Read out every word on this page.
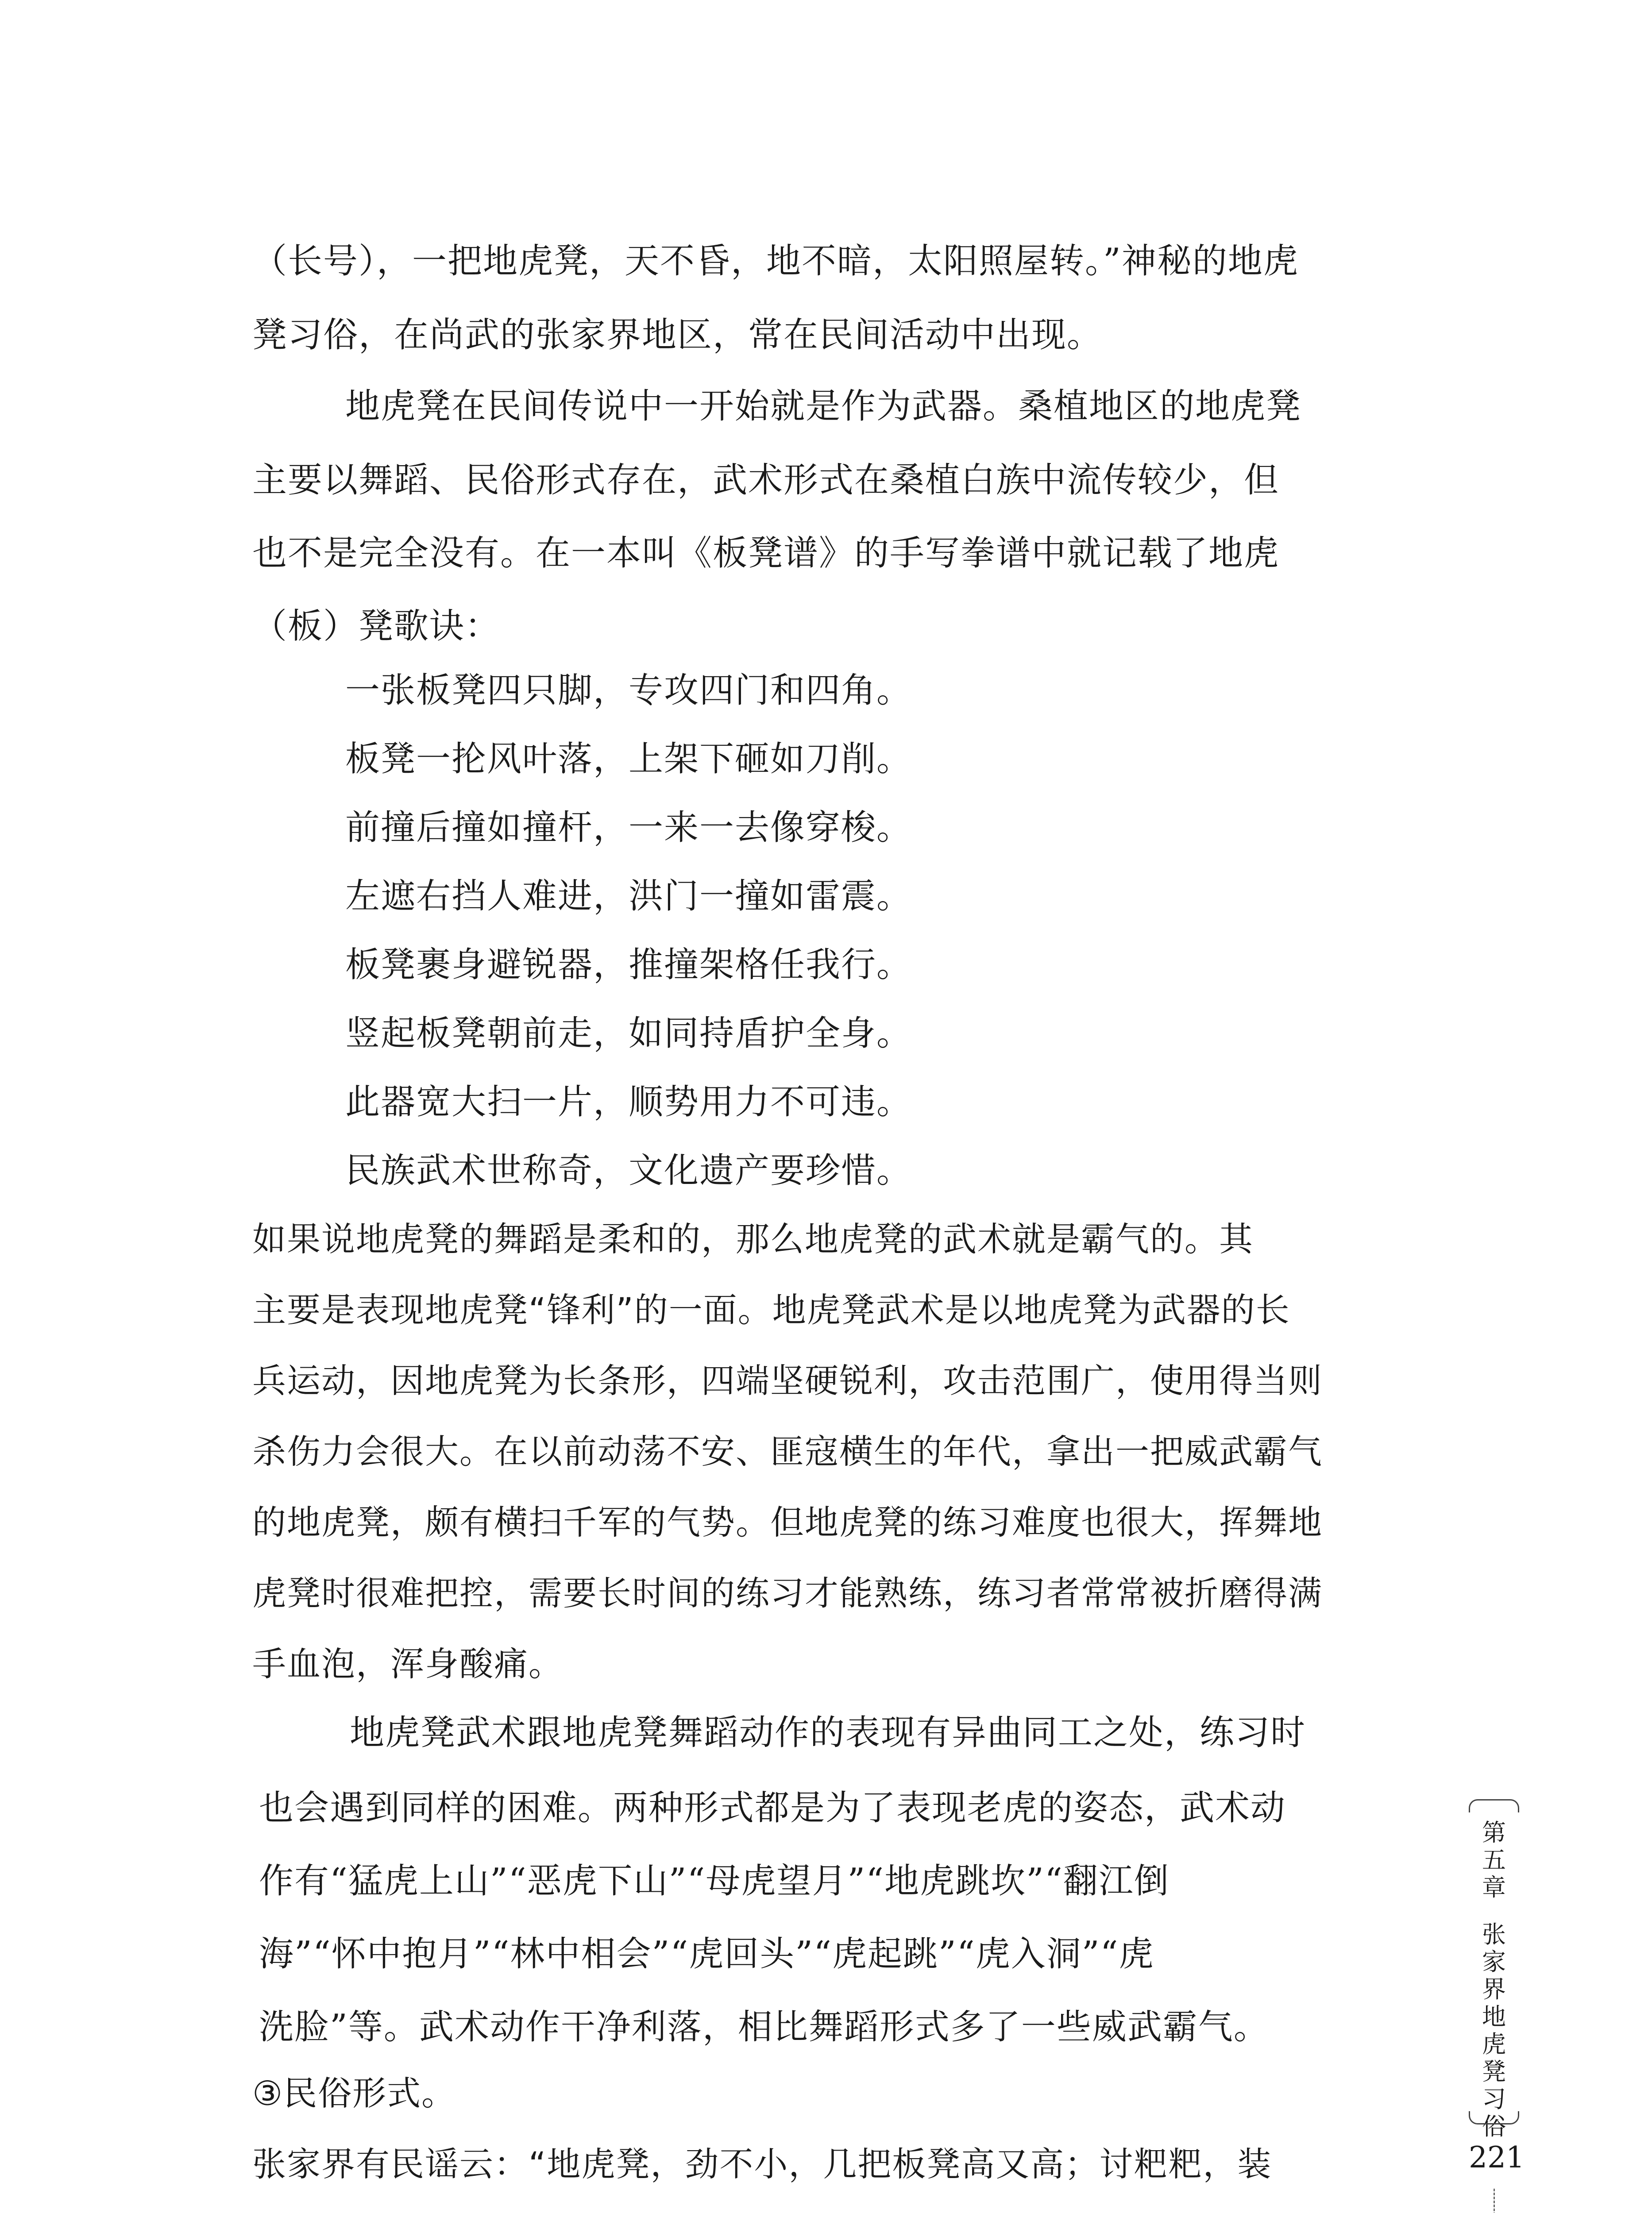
（长号），一把地虎凳，天不昏，地不暗，太阳照屋转。”神秘的地虎
凳习俗，在尚武的张家界地区，常在民间活动中出现。
地虎凳在民间传说中一开始就是作为武器。桑植地区的地虎凳
主要以舞蹈、民俗形式存在，武术形式在桑植白族中流传较少，但
也不是完全没有。在一本叫《板凳谱》的手写拳谱中就记载了地虎
（板）凳歌诀：
一张板凳四只脚，专攻四门和四角。
板凳一抡风叶落，上架下砸如刀削。
前撞后撞如撞杆，一来一去像穿梭。
左遮右挡人难进，洪门一撞如雷震。
板凳裹身避锐器，推撞架格任我行。
竖起板凳朝前走，如同持盾护全身。
此器宽大扫一片，顺势用力不可违。
民族武术世称奇，文化遗产要珍惜。
如果说地虎凳的舞蹈是柔和的，那么地虎凳的武术就是霸气的。其
主要是表现地虎凳“锋利”的一面。地虎凳武术是以地虎凳为武器的长
兵运动，因地虎凳为长条形，四端坚硬锐利，攻击范围广，使用得当则
杀伤力会很大。在以前动荡不安、匪寇横生的年代，拿出一把威武霸气
的地虎凳，颇有横扫千军的气势。但地虎凳的练习难度也很大，挥舞地
虎凳时很难把控，需要长时间的练习才能熟练，练习者常常被折磨得满
手血泡，浑身酸痛。
地虎凳武术跟地虎凳舞蹈动作的表现有异曲同工之处，练习时
也会遇到同样的困难。两种形式都是为了表现老虎的姿态，武术动
作有“猛虎上山”“恶虎下山”“母虎望月”“地虎跳坎”“翻江倒
海”“怀中抱月”“林中相会”“虎回头”“虎起跳”“虎入洞”“虎
洗脸”等。武术动作干净利落，相比舞蹈形式多了一些威武霸气。
③民俗形式。
张家界有民谣云：“地虎凳，劲不小，几把板凳高又高；讨粑粑，装
第五章
张家界地虎凳习俗
221
